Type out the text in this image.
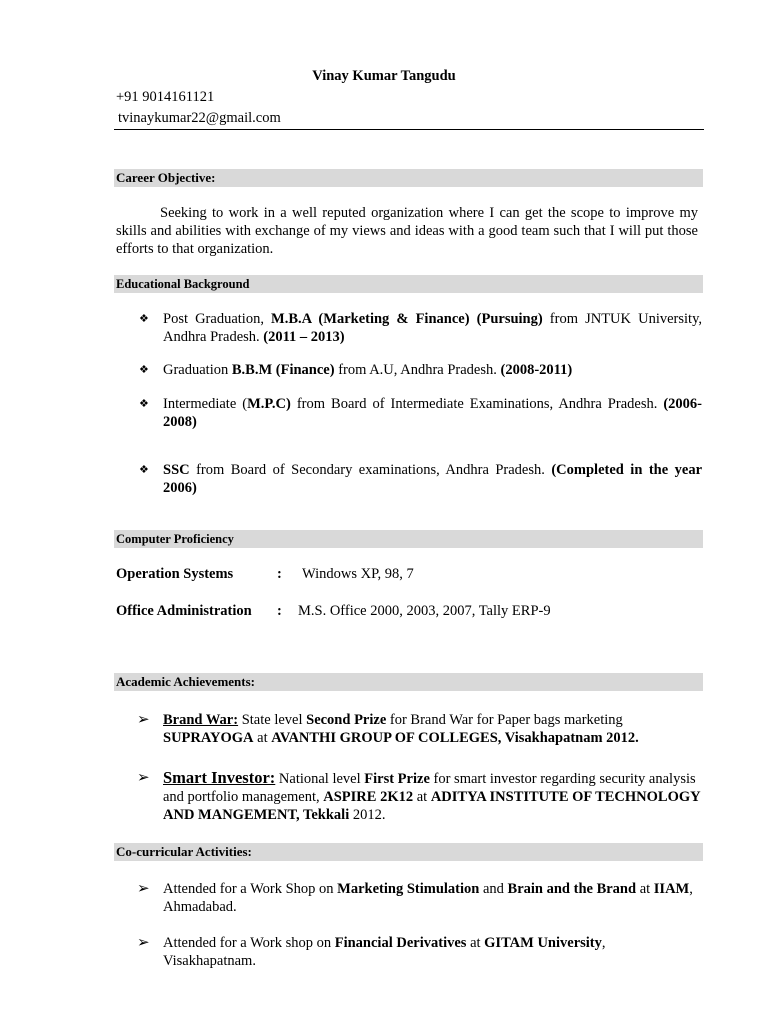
Vinay Kumar Tangudu
+91 9014161121
tvinaykumar22@gmail.com
Career Objective:
Seeking to work in a well reputed organization where I can get the scope to improve my skills and abilities with exchange of my views and ideas with a good team such that I will put those efforts to that organization.
Educational Background
❖ Post Graduation, M.B.A (Marketing & Finance) (Pursuing) from JNTUK University, Andhra Pradesh. (2011 – 2013)
❖ Graduation B.B.M (Finance) from A.U, Andhra Pradesh. (2008-2011)
❖ Intermediate (M.P.C) from Board of Intermediate Examinations, Andhra Pradesh. (2006-2008)
❖ SSC from Board of Secondary examinations, Andhra Pradesh. (Completed in the year 2006)
Computer Proficiency
Operation Systems	: Windows XP, 98, 7
Office Administration : M.S. Office 2000, 2003, 2007, Tally ERP-9
Academic Achievements:
➢ Brand War: State level Second Prize for Brand War for Paper bags marketing SUPRAYOGA at AVANTHI GROUP OF COLLEGES, Visakhapatnam 2012.
➢ Smart Investor: National level First Prize for smart investor regarding security analysis and portfolio management, ASPIRE 2K12 at ADITYA INSTITUTE OF TECHNOLOGY AND MANGEMENT, Tekkali 2012.
Co-curricular Activities:
➢ Attended for a Work Shop on Marketing Stimulation and Brain and the Brand at IIAM, Ahmadabad.
➢ Attended for a Work shop on Financial Derivatives at GITAM University, Visakhapatnam.
